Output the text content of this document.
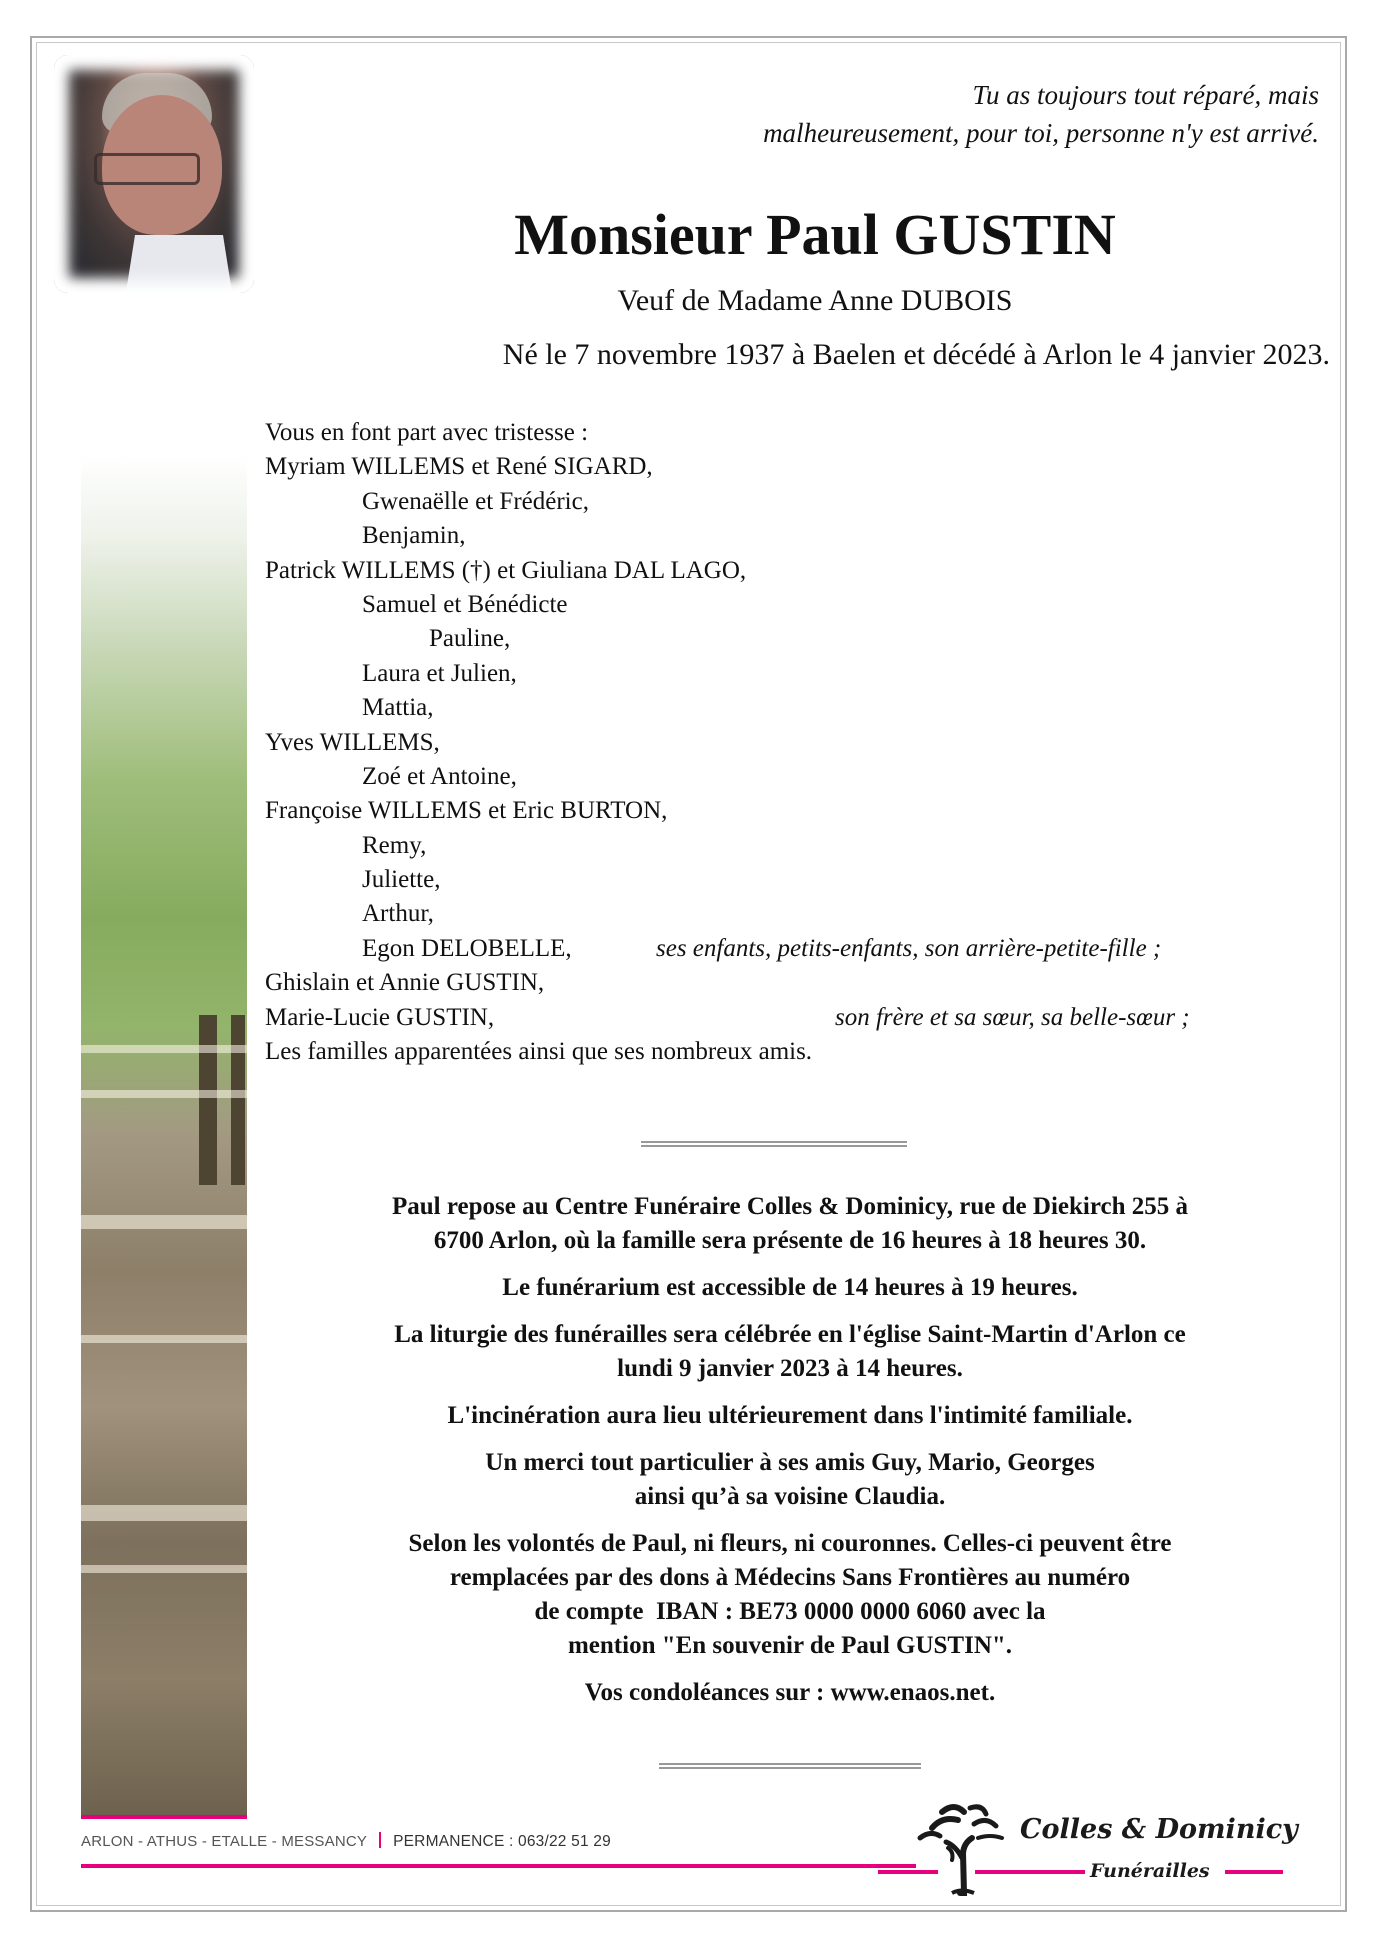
Tu as toujours tout réparé, mais
malheureusement, pour toi, personne n'y est arrivé.
Monsieur Paul GUSTIN
Veuf de Madame Anne DUBOIS
Né le 7 novembre 1937 à Baelen et décédé à Arlon le 4 janvier 2023.
Vous en font part avec tristesse :
Myriam WILLEMS et René SIGARD,
Gwenaëlle et Frédéric,
Benjamin,
Patrick WILLEMS (†) et Giuliana DAL LAGO,
Samuel et Bénédicte
Pauline,
Laura et Julien,
Mattia,
Yves WILLEMS,
Zoé et Antoine,
Françoise WILLEMS et Eric BURTON,
Remy,
Juliette,
Arthur,
Egon DELOBELLE,	ses enfants, petits-enfants, son arrière-petite-fille ;
Ghislain et Annie GUSTIN,
Marie-Lucie GUSTIN,	son frère et sa sœur, sa belle-sœur ;
Les familles apparentées ainsi que ses nombreux amis.

Paul repose au Centre Funéraire Colles & Dominicy, rue de Diekirch 255 à
6700 Arlon, où la famille sera présente de 16 heures à 18 heures 30.

Le funérarium est accessible de 14 heures à 19 heures.

La liturgie des funérailles sera célébrée en l'église Saint-Martin d'Arlon ce
lundi 9 janvier 2023 à 14 heures.

L'incinération aura lieu ultérieurement dans l'intimité familiale.

Un merci tout particulier à ses amis Guy, Mario, Georges
ainsi qu’à sa voisine Claudia.

Selon les volontés de Paul, ni fleurs, ni couronnes. Celles-ci peuvent être
remplacées par des dons à Médecins Sans Frontières au numéro
de compte  IBAN : BE73 0000 0000 6060 avec la
mention "En souvenir de Paul GUSTIN".

Vos condoléances sur : www.enaos.net.

ARLON - ATHUS - ETALLE - MESSANCY PERMANENCE : 063/22 51 29	Colles & Dominicy
Funérailles
